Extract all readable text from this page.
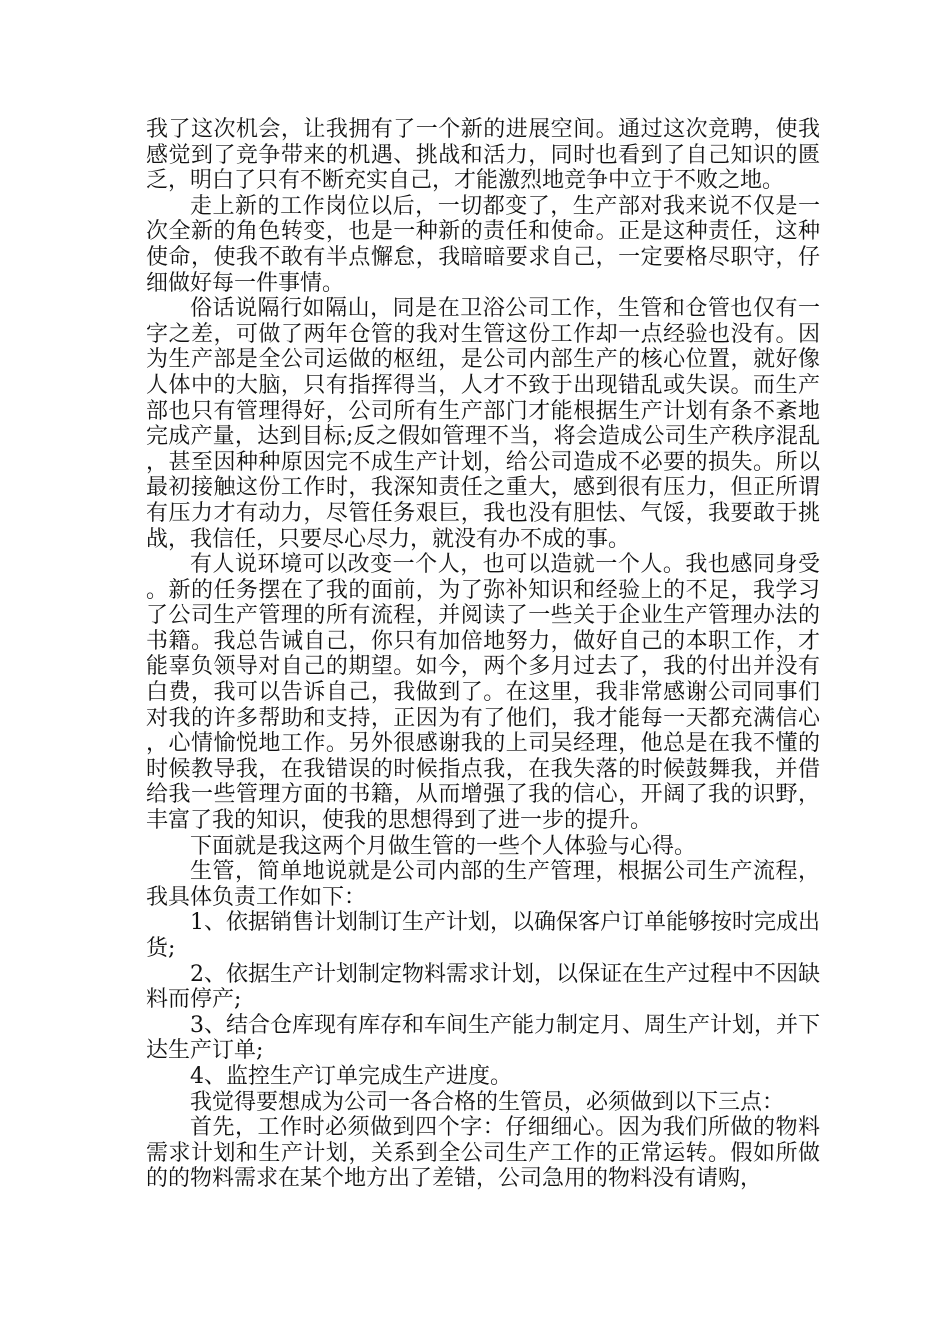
我了这次机会，让我拥有了一个新的进展空间。通过这次竞聘，使我感觉到了竞争带来的机遇、挑战和活力，同时也看到了自己知识的匮乏，明白了只有不断充实自己，才能激烈地竞争中立于不败之地。

走上新的工作岗位以后，一切都变了，生产部对我来说不仅是一次全新的角色转变，也是一种新的责任和使命。正是这种责任，这种使命，使我不敢有半点懈怠，我暗暗要求自己，一定要格尽职守，仔细做好每一件事情。

俗话说隔行如隔山，同是在卫浴公司工作，生管和仓管也仅有一字之差，可做了两年仓管的我对生管这份工作却一点经验也没有。因为生产部是全公司运做的枢纽，是公司内部生产的核心位置，就好像人体中的大脑，只有指挥得当，人才不致于出现错乱或失误。而生产部也只有管理得好，公司所有生产部门才能根据生产计划有条不紊地完成产量，达到目标;反之假如管理不当，将会造成公司生产秩序混乱，甚至因种种原因完不成生产计划，给公司造成不必要的损失。所以最初接触这份工作时，我深知责任之重大，感到很有压力，但正所谓有压力才有动力，尽管任务艰巨，我也没有胆怯、气馁，我要敢于挑战，我信任，只要尽心尽力，就没有办不成的事。

有人说环境可以改变一个人，也可以造就一个人。我也感同身受。新的任务摆在了我的面前，为了弥补知识和经验上的不足，我学习了公司生产管理的所有流程，并阅读了一些关于企业生产管理办法的书籍。我总告诫自己，你只有加倍地努力，做好自己的本职工作，才能辜负领导对自己的期望。如今，两个多月过去了，我的付出并没有白费，我可以告诉自己，我做到了。在这里，我非常感谢公司同事们对我的许多帮助和支持，正因为有了他们，我才能每一天都充满信心，心情愉悦地工作。另外很感谢我的上司吴经理，他总是在我不懂的时候教导我，在我错误的时候指点我，在我失落的时候鼓舞我，并借给我一些管理方面的书籍，从而增强了我的信心，开阔了我的识野，丰富了我的知识，使我的思想得到了进一步的提升。

下面就是我这两个月做生管的一些个人体验与心得。

生管，简单地说就是公司内部的生产管理，根据公司生产流程，我具体负责工作如下：

1、依据销售计划制订生产计划，以确保客户订单能够按时完成出货;

2、依据生产计划制定物料需求计划，以保证在生产过程中不因缺料而停产;

3、结合仓库现有库存和车间生产能力制定月、周生产计划，并下达生产订单;

4、监控生产订单完成生产进度。

我觉得要想成为公司一各合格的生管员，必须做到以下三点：

首先，工作时必须做到四个字：仔细细心。因为我们所做的物料需求计划和生产计划，关系到全公司生产工作的正常运转。假如所做的的物料需求在某个地方出了差错，公司急用的物料没有请购，
